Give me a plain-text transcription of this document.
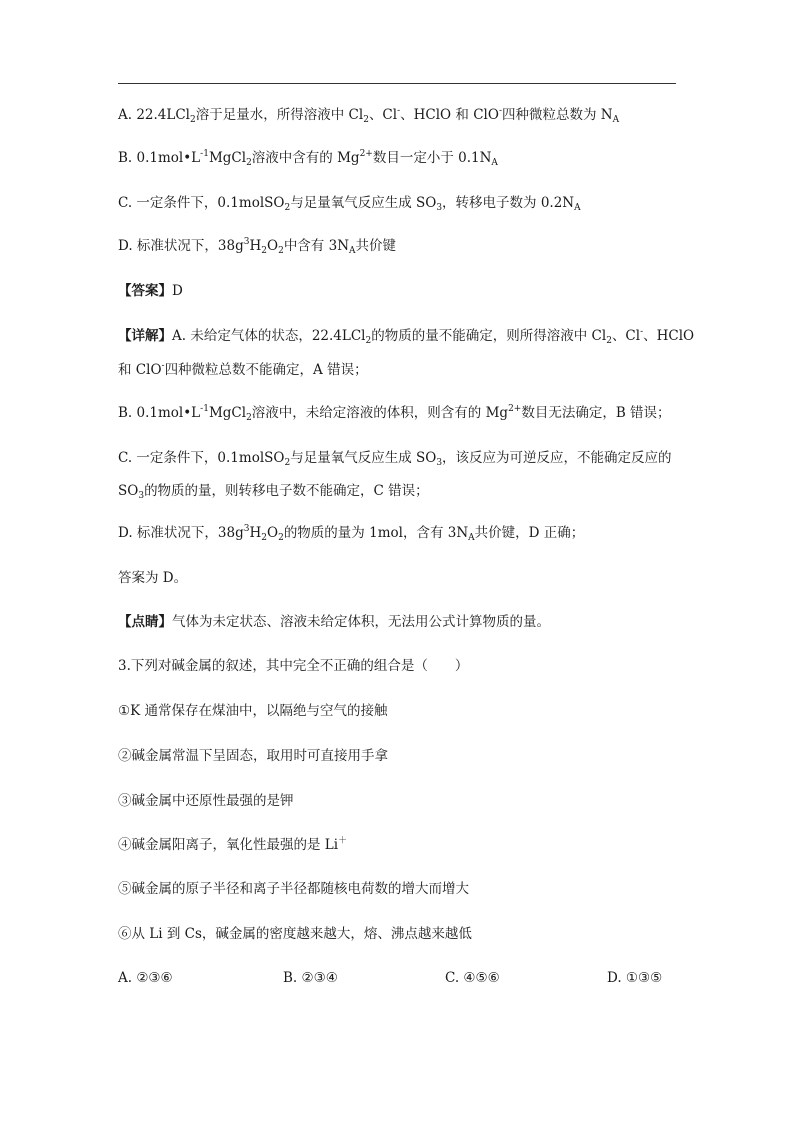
A. 22.4LCl$_2$溶于足量水，所得溶液中 $Cl_2$、Cl-、HClO 和 ClO-四种微粒总数为 $N_A$
B. $0.1mol•L^{-1}MgCl_2$溶液中含有的 $Mg^{2+}$数目一定小于 $0.1N_A$
C. 一定条件下，0.1molSO$_2$与足量氧气反应生成 $SO_3$，转移电子数为 $0.2N_A$
D. 标准状况下，$38g^3H_2O_2$中含有 $3N_A$共价键
【答案】D
【详解】A. 未给定气体的状态，22.4LCl$_2$的物质的量不能确定，则所得溶液中 $Cl_2$、Cl-、HClO
和 ClO-四种微粒总数不能确定，A 错误；
B. $0.1mol•L^{-1}MgCl_2$溶液中，未给定溶液的体积，则含有的 $Mg^{2+}$数目无法确定，B 错误；
C. 一定条件下，0.1molSO$_2$与足量氧气反应生成 $SO_3$，该反应为可逆反应，不能确定反应的
$SO_3$的物质的量，则转移电子数不能确定，C 错误；
D. 标准状况下，$38g^3H_2O_2$的物质的量为 1mol，含有 $3N_A$共价键，D 正确；
答案为 D。
【点睛】气体为未定状态、溶液未给定体积，无法用公式计算物质的量。
3.下列对碱金属的叙述，其中完全不正确的组合是（　　）
①K 通常保存在煤油中，以隔绝与空气的接触
②碱金属常温下呈固态，取用时可直接用手拿
③碱金属中还原性最强的是钾
④碱金属阳离子，氧化性最强的是 Li＋
⑤碱金属的原子半径和离子半径都随核电荷数的增大而增大
⑥从 Li 到 Cs，碱金属的密度越来越大，熔、沸点越来越低
A. ②③⑥	B. ②③④	C. ④⑤⑥	D. ①③⑤
